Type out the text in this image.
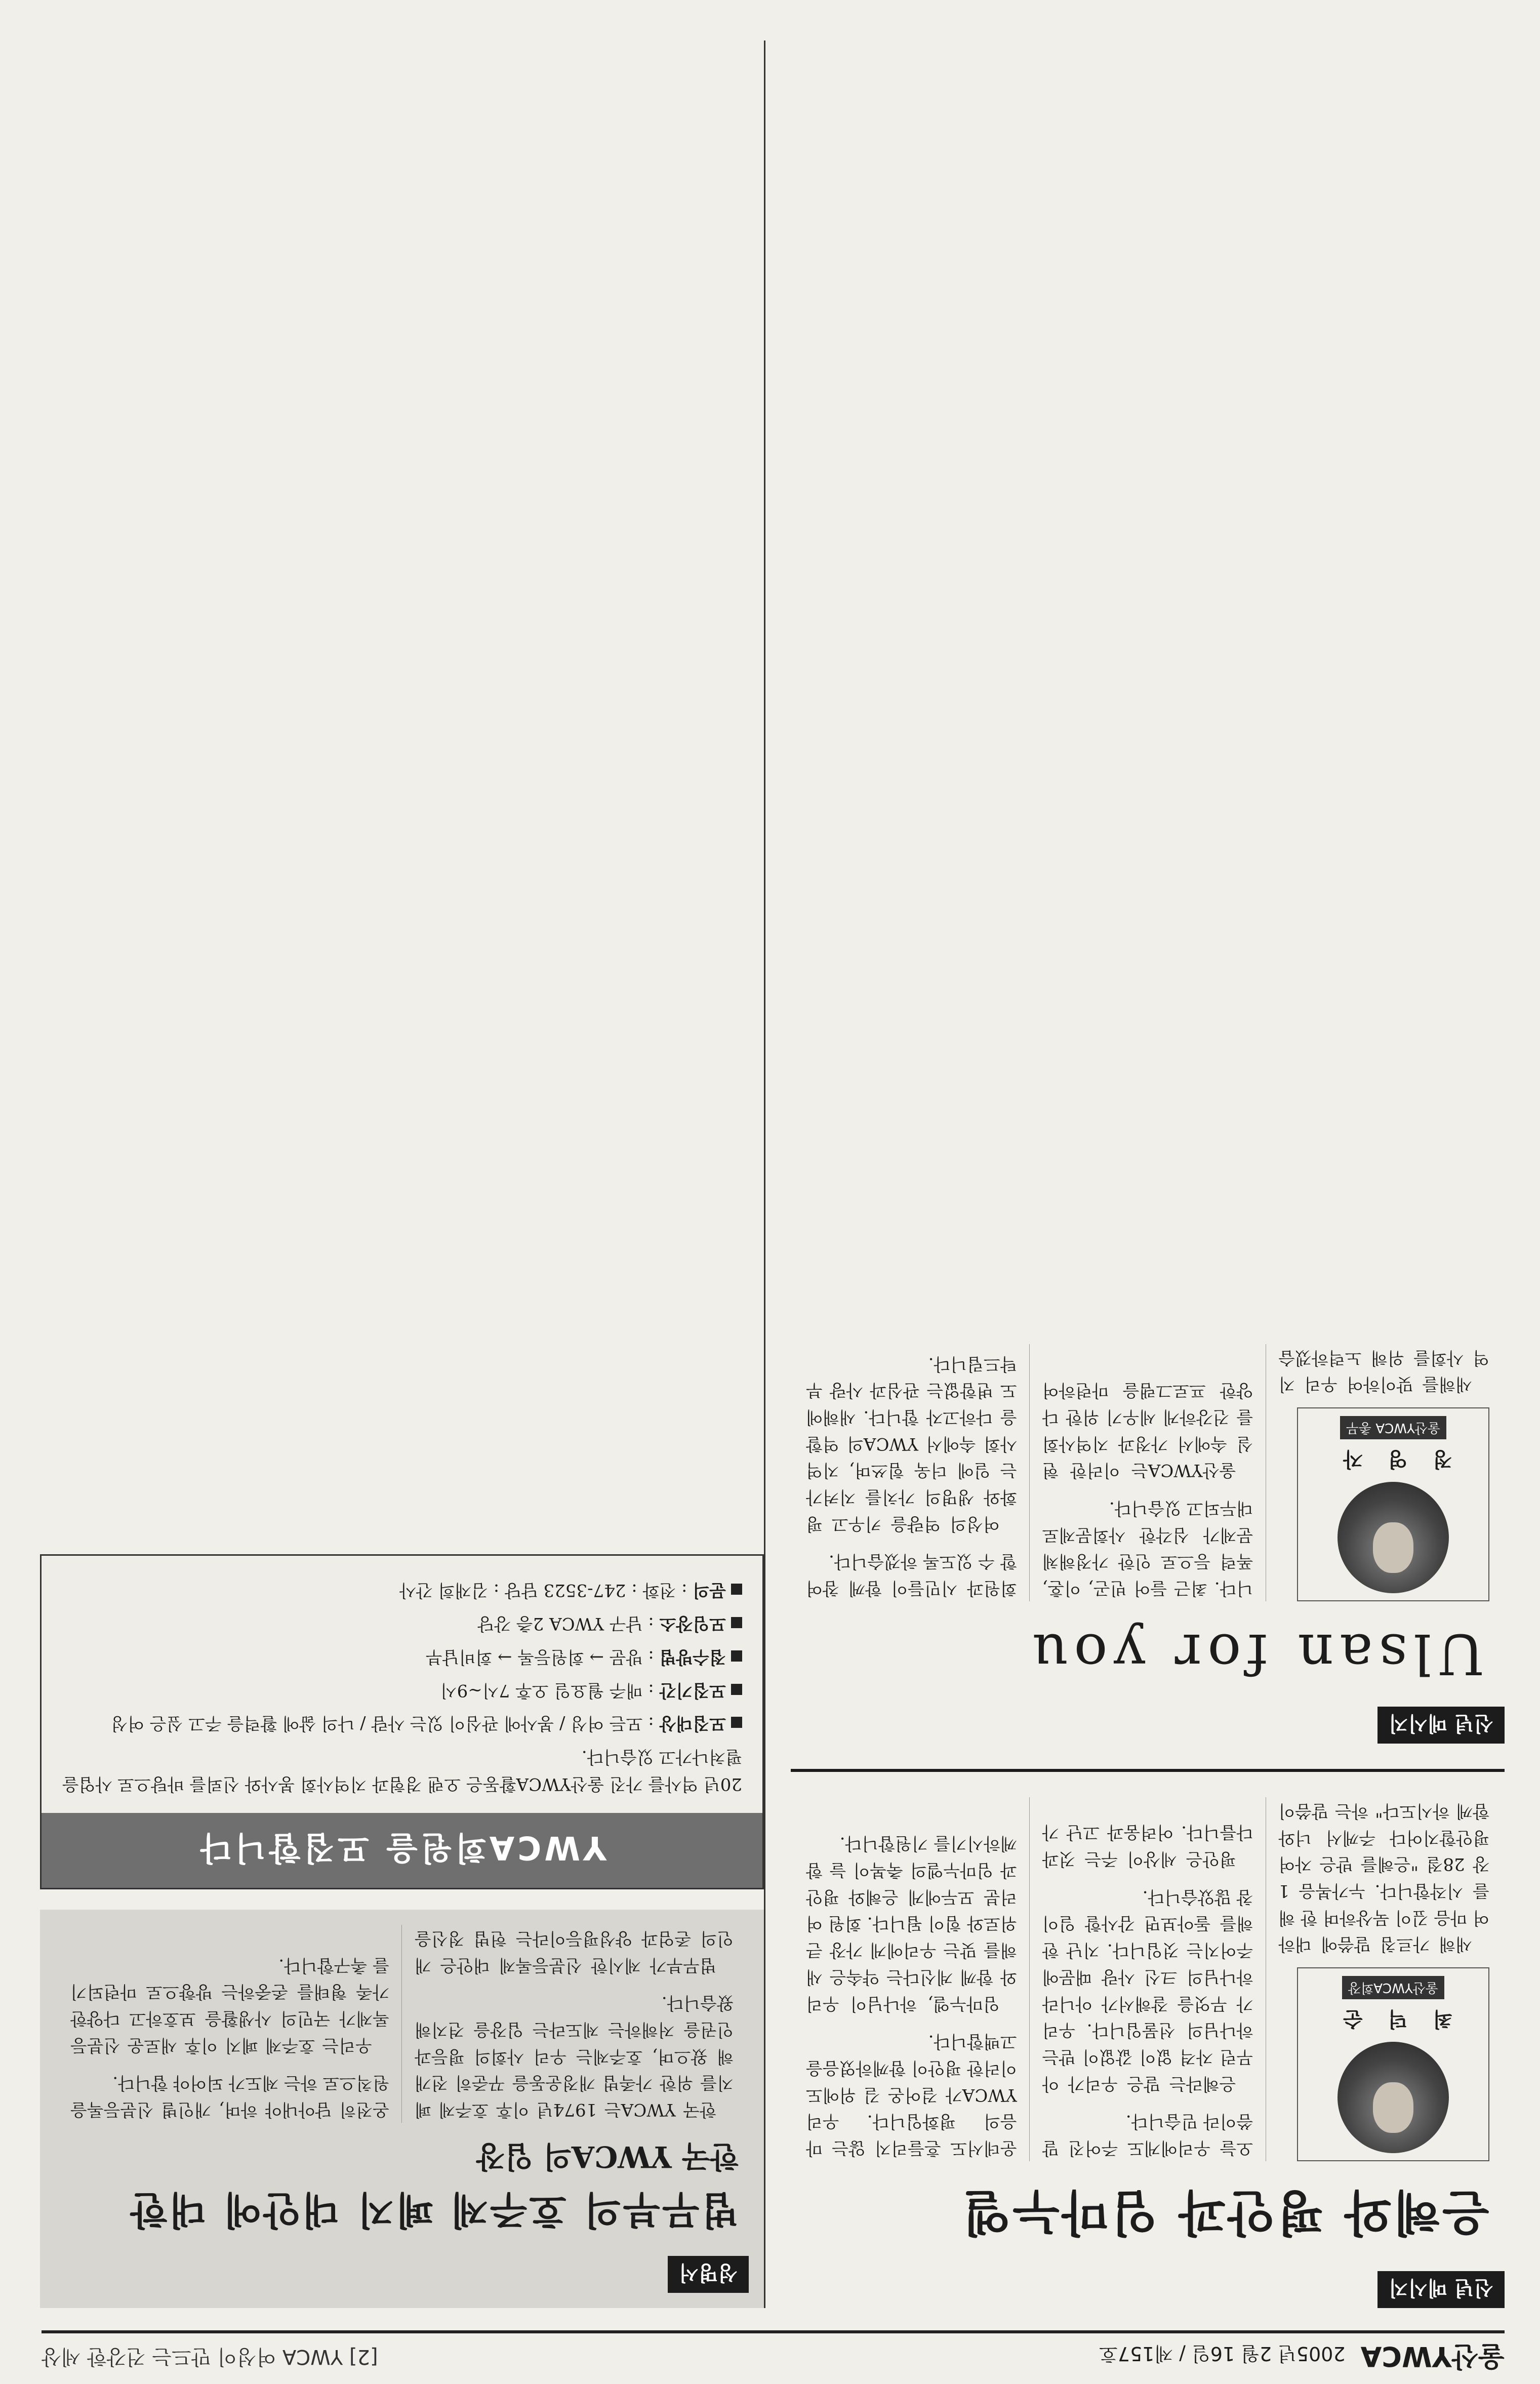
울산YWCA
2005년 2월 16일 / 제157호
[2] YWCA 여성이 만드는 건강한 세상
신년 메시지
은혜와 평안과 임마누엘
최 덕 순
울산YWCA회장

새해 가르침 말씀에 대하여 마음 깊이 묵상하며 한 해를 시작합니다. 누가복음 1장 28절 "은혜를 받은 자여 평안할지어다 주께서 너와 함께 하시도다" 하는 말씀이 오늘 우리에게도 주어진 말씀이라 믿습니다.

은혜라는 말은 우리가 아무런 자격 없이 값없이 받는 하나님의 선물입니다. 우리가 무엇을 잘해서가 아니라 하나님의 크신 사랑 때문에 주어지는 것입니다. 지난 한 해를 돌아보면 감사할 일이 참 많았습니다.

평안은 세상이 주는 것과 다릅니다. 어려움과 고난 가운데서도 흔들리지 않는 마음의 평화입니다. 우리 YWCA가 걸어온 길 위에도 이러한 평안이 함께하였음을 고백합니다.

임마누엘, 하나님이 우리와 함께 계신다는 약속은 새해를 맞는 우리에게 가장 큰 위로와 힘이 됩니다. 회원 여러분 모두에게 은혜와 평안과 임마누엘의 축복이 늘 함께하시기를 기원합니다.

신년 메시지
Ulsan for you
정 영 자
울산YWCA 총무

새해를 맞이하여 우리 지역 사회를 위해 노력하겠습니다. 최근 들어 빈곤, 이혼, 폭력 등으로 인한 가정해체 문제가 심각한 사회문제로 대두되고 있습니다.

울산YWCA는 이러한 현실 속에서 가정과 지역사회를 건강하게 세우기 위한 다양한 프로그램을 마련하여 회원과 시민들이 함께 참여할 수 있도록 하겠습니다.

여성의 역량을 키우고 평화와 생명의 가치를 지켜가는 일에 더욱 힘쓰며, 지역 사회 속에서 YWCA의 역할을 다하고자 합니다. 새해에도 변함없는 관심과 사랑 부탁드립니다.

성명서
법무부의 호주제 폐지 대안에 대한
한국 YWCA의 입장

한국 YWCA는 1974년 이후 호주제 폐지를 위한 가족법 개정운동을 꾸준히 전개해 왔으며, 호주제는 우리 사회의 평등과 인권을 저해하는 제도라는 입장을 견지해 왔습니다.

법무부가 제시한 신분등록제 대안은 개인의 존엄과 양성평등이라는 헌법 정신을 온전히 담아내야 하며, 개인별 신분등록을 원칙으로 하는 제도가 되어야 합니다.

우리는 호주제 폐지 이후 새로운 신분등록제가 국민의 사생활을 보호하고 다양한 가족 형태를 존중하는 방향으로 마련되기를 촉구합니다.

YWCA회원을 모집합니다
20년 역사를 가진 울산YWCA활동은 오랜 경험과 지역사회 봉사와 신뢰를 바탕으로 사업을 펼쳐나가고 있습니다.
모집대상 : 모든 여성 / 봉사에 관심이 있는 사람 / 나의 삶에 활력을 주고 싶은 여성
모집기간 : 매주 월요일 오후 7시~9시
접수방법 : 방문 → 회원등록 → 회비납부
모임장소 : 남구 YWCA 2층 강당
문의 : 전화 : 247-3523 담당 : 김재희 간사
